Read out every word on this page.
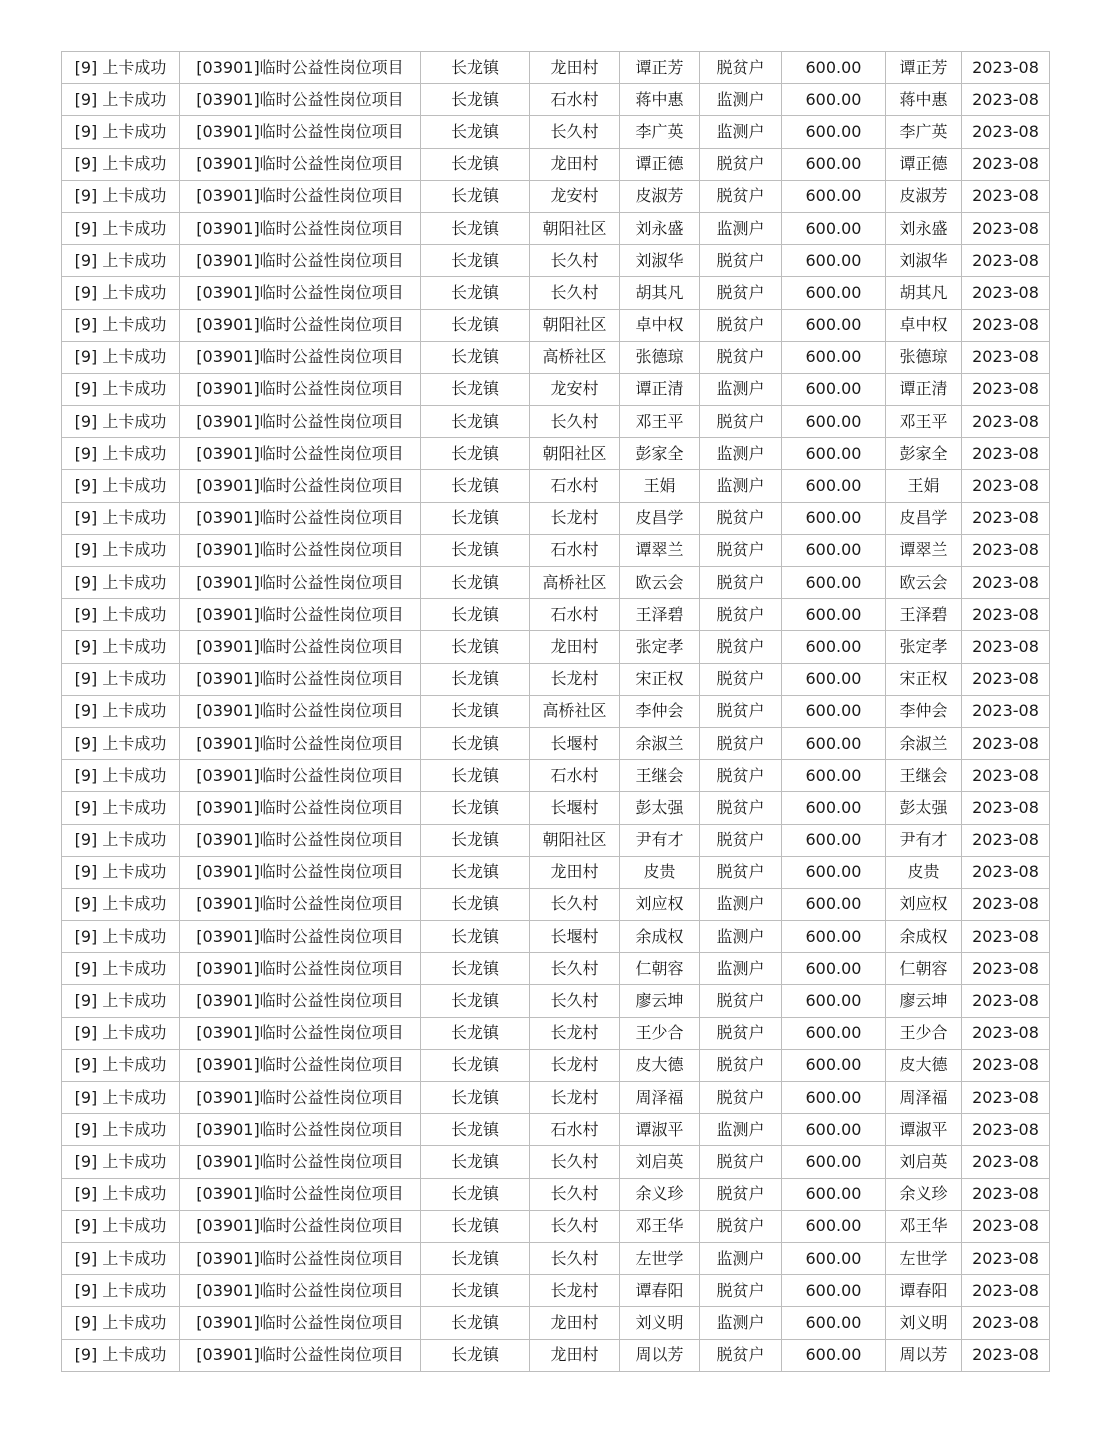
[9] 上卡成功	[03901]临时公益性岗位项目	长龙镇	龙田村	谭正芳	脱贫户	600.00	谭正芳	2023-08
[9] 上卡成功	[03901]临时公益性岗位项目	长龙镇	石水村	蒋中惠	监测户	600.00	蒋中惠	2023-08
[9] 上卡成功	[03901]临时公益性岗位项目	长龙镇	长久村	李广英	监测户	600.00	李广英	2023-08
[9] 上卡成功	[03901]临时公益性岗位项目	长龙镇	龙田村	谭正德	脱贫户	600.00	谭正德	2023-08
[9] 上卡成功	[03901]临时公益性岗位项目	长龙镇	龙安村	皮淑芳	脱贫户	600.00	皮淑芳	2023-08
[9] 上卡成功	[03901]临时公益性岗位项目	长龙镇	朝阳社区	刘永盛	监测户	600.00	刘永盛	2023-08
[9] 上卡成功	[03901]临时公益性岗位项目	长龙镇	长久村	刘淑华	脱贫户	600.00	刘淑华	2023-08
[9] 上卡成功	[03901]临时公益性岗位项目	长龙镇	长久村	胡其凡	脱贫户	600.00	胡其凡	2023-08
[9] 上卡成功	[03901]临时公益性岗位项目	长龙镇	朝阳社区	卓中权	脱贫户	600.00	卓中权	2023-08
[9] 上卡成功	[03901]临时公益性岗位项目	长龙镇	高桥社区	张德琼	脱贫户	600.00	张德琼	2023-08
[9] 上卡成功	[03901]临时公益性岗位项目	长龙镇	龙安村	谭正清	监测户	600.00	谭正清	2023-08
[9] 上卡成功	[03901]临时公益性岗位项目	长龙镇	长久村	邓王平	脱贫户	600.00	邓王平	2023-08
[9] 上卡成功	[03901]临时公益性岗位项目	长龙镇	朝阳社区	彭家全	监测户	600.00	彭家全	2023-08
[9] 上卡成功	[03901]临时公益性岗位项目	长龙镇	石水村	王娟	监测户	600.00	王娟	2023-08
[9] 上卡成功	[03901]临时公益性岗位项目	长龙镇	长龙村	皮昌学	脱贫户	600.00	皮昌学	2023-08
[9] 上卡成功	[03901]临时公益性岗位项目	长龙镇	石水村	谭翠兰	脱贫户	600.00	谭翠兰	2023-08
[9] 上卡成功	[03901]临时公益性岗位项目	长龙镇	高桥社区	欧云会	脱贫户	600.00	欧云会	2023-08
[9] 上卡成功	[03901]临时公益性岗位项目	长龙镇	石水村	王泽碧	脱贫户	600.00	王泽碧	2023-08
[9] 上卡成功	[03901]临时公益性岗位项目	长龙镇	龙田村	张定孝	脱贫户	600.00	张定孝	2023-08
[9] 上卡成功	[03901]临时公益性岗位项目	长龙镇	长龙村	宋正权	脱贫户	600.00	宋正权	2023-08
[9] 上卡成功	[03901]临时公益性岗位项目	长龙镇	高桥社区	李仲会	脱贫户	600.00	李仲会	2023-08
[9] 上卡成功	[03901]临时公益性岗位项目	长龙镇	长堰村	余淑兰	脱贫户	600.00	余淑兰	2023-08
[9] 上卡成功	[03901]临时公益性岗位项目	长龙镇	石水村	王继会	脱贫户	600.00	王继会	2023-08
[9] 上卡成功	[03901]临时公益性岗位项目	长龙镇	长堰村	彭太强	脱贫户	600.00	彭太强	2023-08
[9] 上卡成功	[03901]临时公益性岗位项目	长龙镇	朝阳社区	尹有才	脱贫户	600.00	尹有才	2023-08
[9] 上卡成功	[03901]临时公益性岗位项目	长龙镇	龙田村	皮贵	脱贫户	600.00	皮贵	2023-08
[9] 上卡成功	[03901]临时公益性岗位项目	长龙镇	长久村	刘应权	监测户	600.00	刘应权	2023-08
[9] 上卡成功	[03901]临时公益性岗位项目	长龙镇	长堰村	余成权	监测户	600.00	余成权	2023-08
[9] 上卡成功	[03901]临时公益性岗位项目	长龙镇	长久村	仁朝容	监测户	600.00	仁朝容	2023-08
[9] 上卡成功	[03901]临时公益性岗位项目	长龙镇	长久村	廖云坤	脱贫户	600.00	廖云坤	2023-08
[9] 上卡成功	[03901]临时公益性岗位项目	长龙镇	长龙村	王少合	脱贫户	600.00	王少合	2023-08
[9] 上卡成功	[03901]临时公益性岗位项目	长龙镇	长龙村	皮大德	脱贫户	600.00	皮大德	2023-08
[9] 上卡成功	[03901]临时公益性岗位项目	长龙镇	长龙村	周泽福	脱贫户	600.00	周泽福	2023-08
[9] 上卡成功	[03901]临时公益性岗位项目	长龙镇	石水村	谭淑平	监测户	600.00	谭淑平	2023-08
[9] 上卡成功	[03901]临时公益性岗位项目	长龙镇	长久村	刘启英	脱贫户	600.00	刘启英	2023-08
[9] 上卡成功	[03901]临时公益性岗位项目	长龙镇	长久村	余义珍	脱贫户	600.00	余义珍	2023-08
[9] 上卡成功	[03901]临时公益性岗位项目	长龙镇	长久村	邓王华	脱贫户	600.00	邓王华	2023-08
[9] 上卡成功	[03901]临时公益性岗位项目	长龙镇	长久村	左世学	监测户	600.00	左世学	2023-08
[9] 上卡成功	[03901]临时公益性岗位项目	长龙镇	长龙村	谭春阳	脱贫户	600.00	谭春阳	2023-08
[9] 上卡成功	[03901]临时公益性岗位项目	长龙镇	龙田村	刘义明	监测户	600.00	刘义明	2023-08
[9] 上卡成功	[03901]临时公益性岗位项目	长龙镇	龙田村	周以芳	脱贫户	600.00	周以芳	2023-08
